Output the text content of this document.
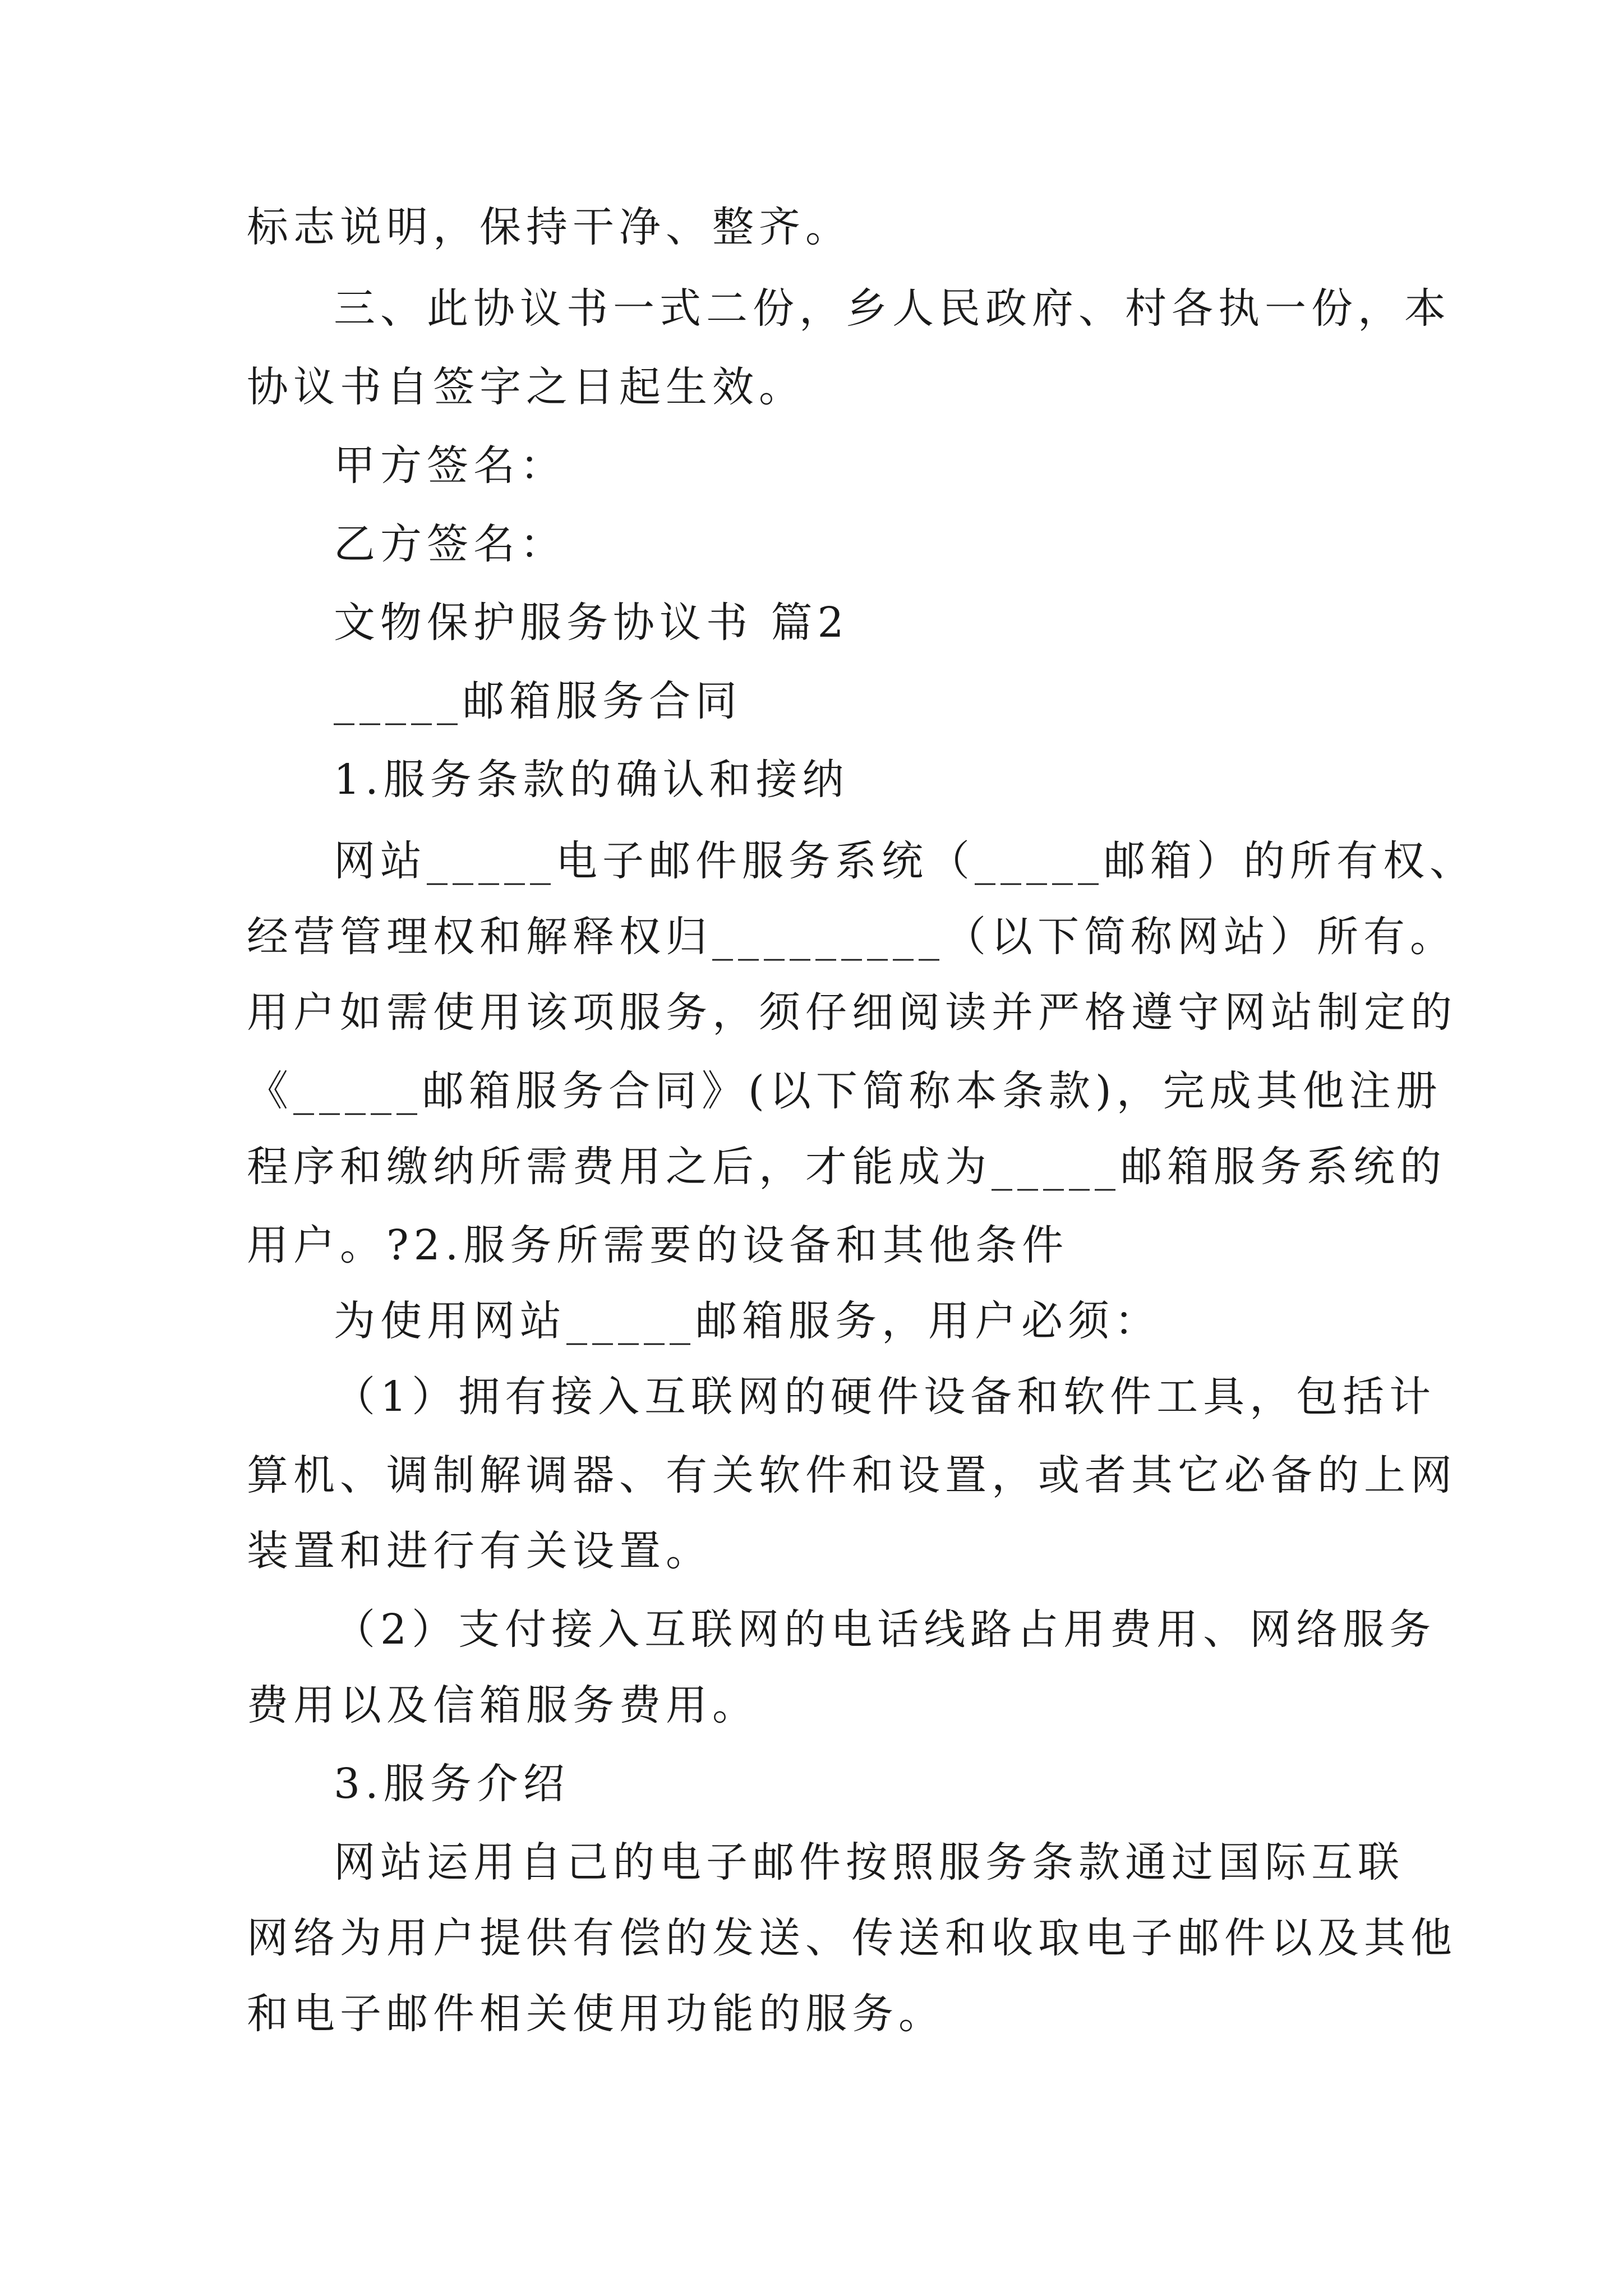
标志说明，保持干净、整齐。
三、此协议书一式二份，乡人民政府、村各执一份，本
协议书自签字之日起生效。
甲方签名：
乙方签名：
文物保护服务协议书 篇2
_____邮箱服务合同
1.服务条款的确认和接纳
网站_____电子邮件服务系统（_____邮箱）的所有权、
经营管理权和解释权归_________（以下简称网站）所有。
用户如需使用该项服务，须仔细阅读并严格遵守网站制定的
《_____邮箱服务合同》(以下简称本条款)，完成其他注册
程序和缴纳所需费用之后，才能成为_____邮箱服务系统的
用户。?2.服务所需要的设备和其他条件
为使用网站_____邮箱服务，用户必须：
（1）拥有接入互联网的硬件设备和软件工具，包括计
算机、调制解调器、有关软件和设置，或者其它必备的上网
装置和进行有关设置。
（2）支付接入互联网的电话线路占用费用、网络服务
费用以及信箱服务费用。
3.服务介绍
网站运用自己的电子邮件按照服务条款通过国际互联
网络为用户提供有偿的发送、传送和收取电子邮件以及其他
和电子邮件相关使用功能的服务。
